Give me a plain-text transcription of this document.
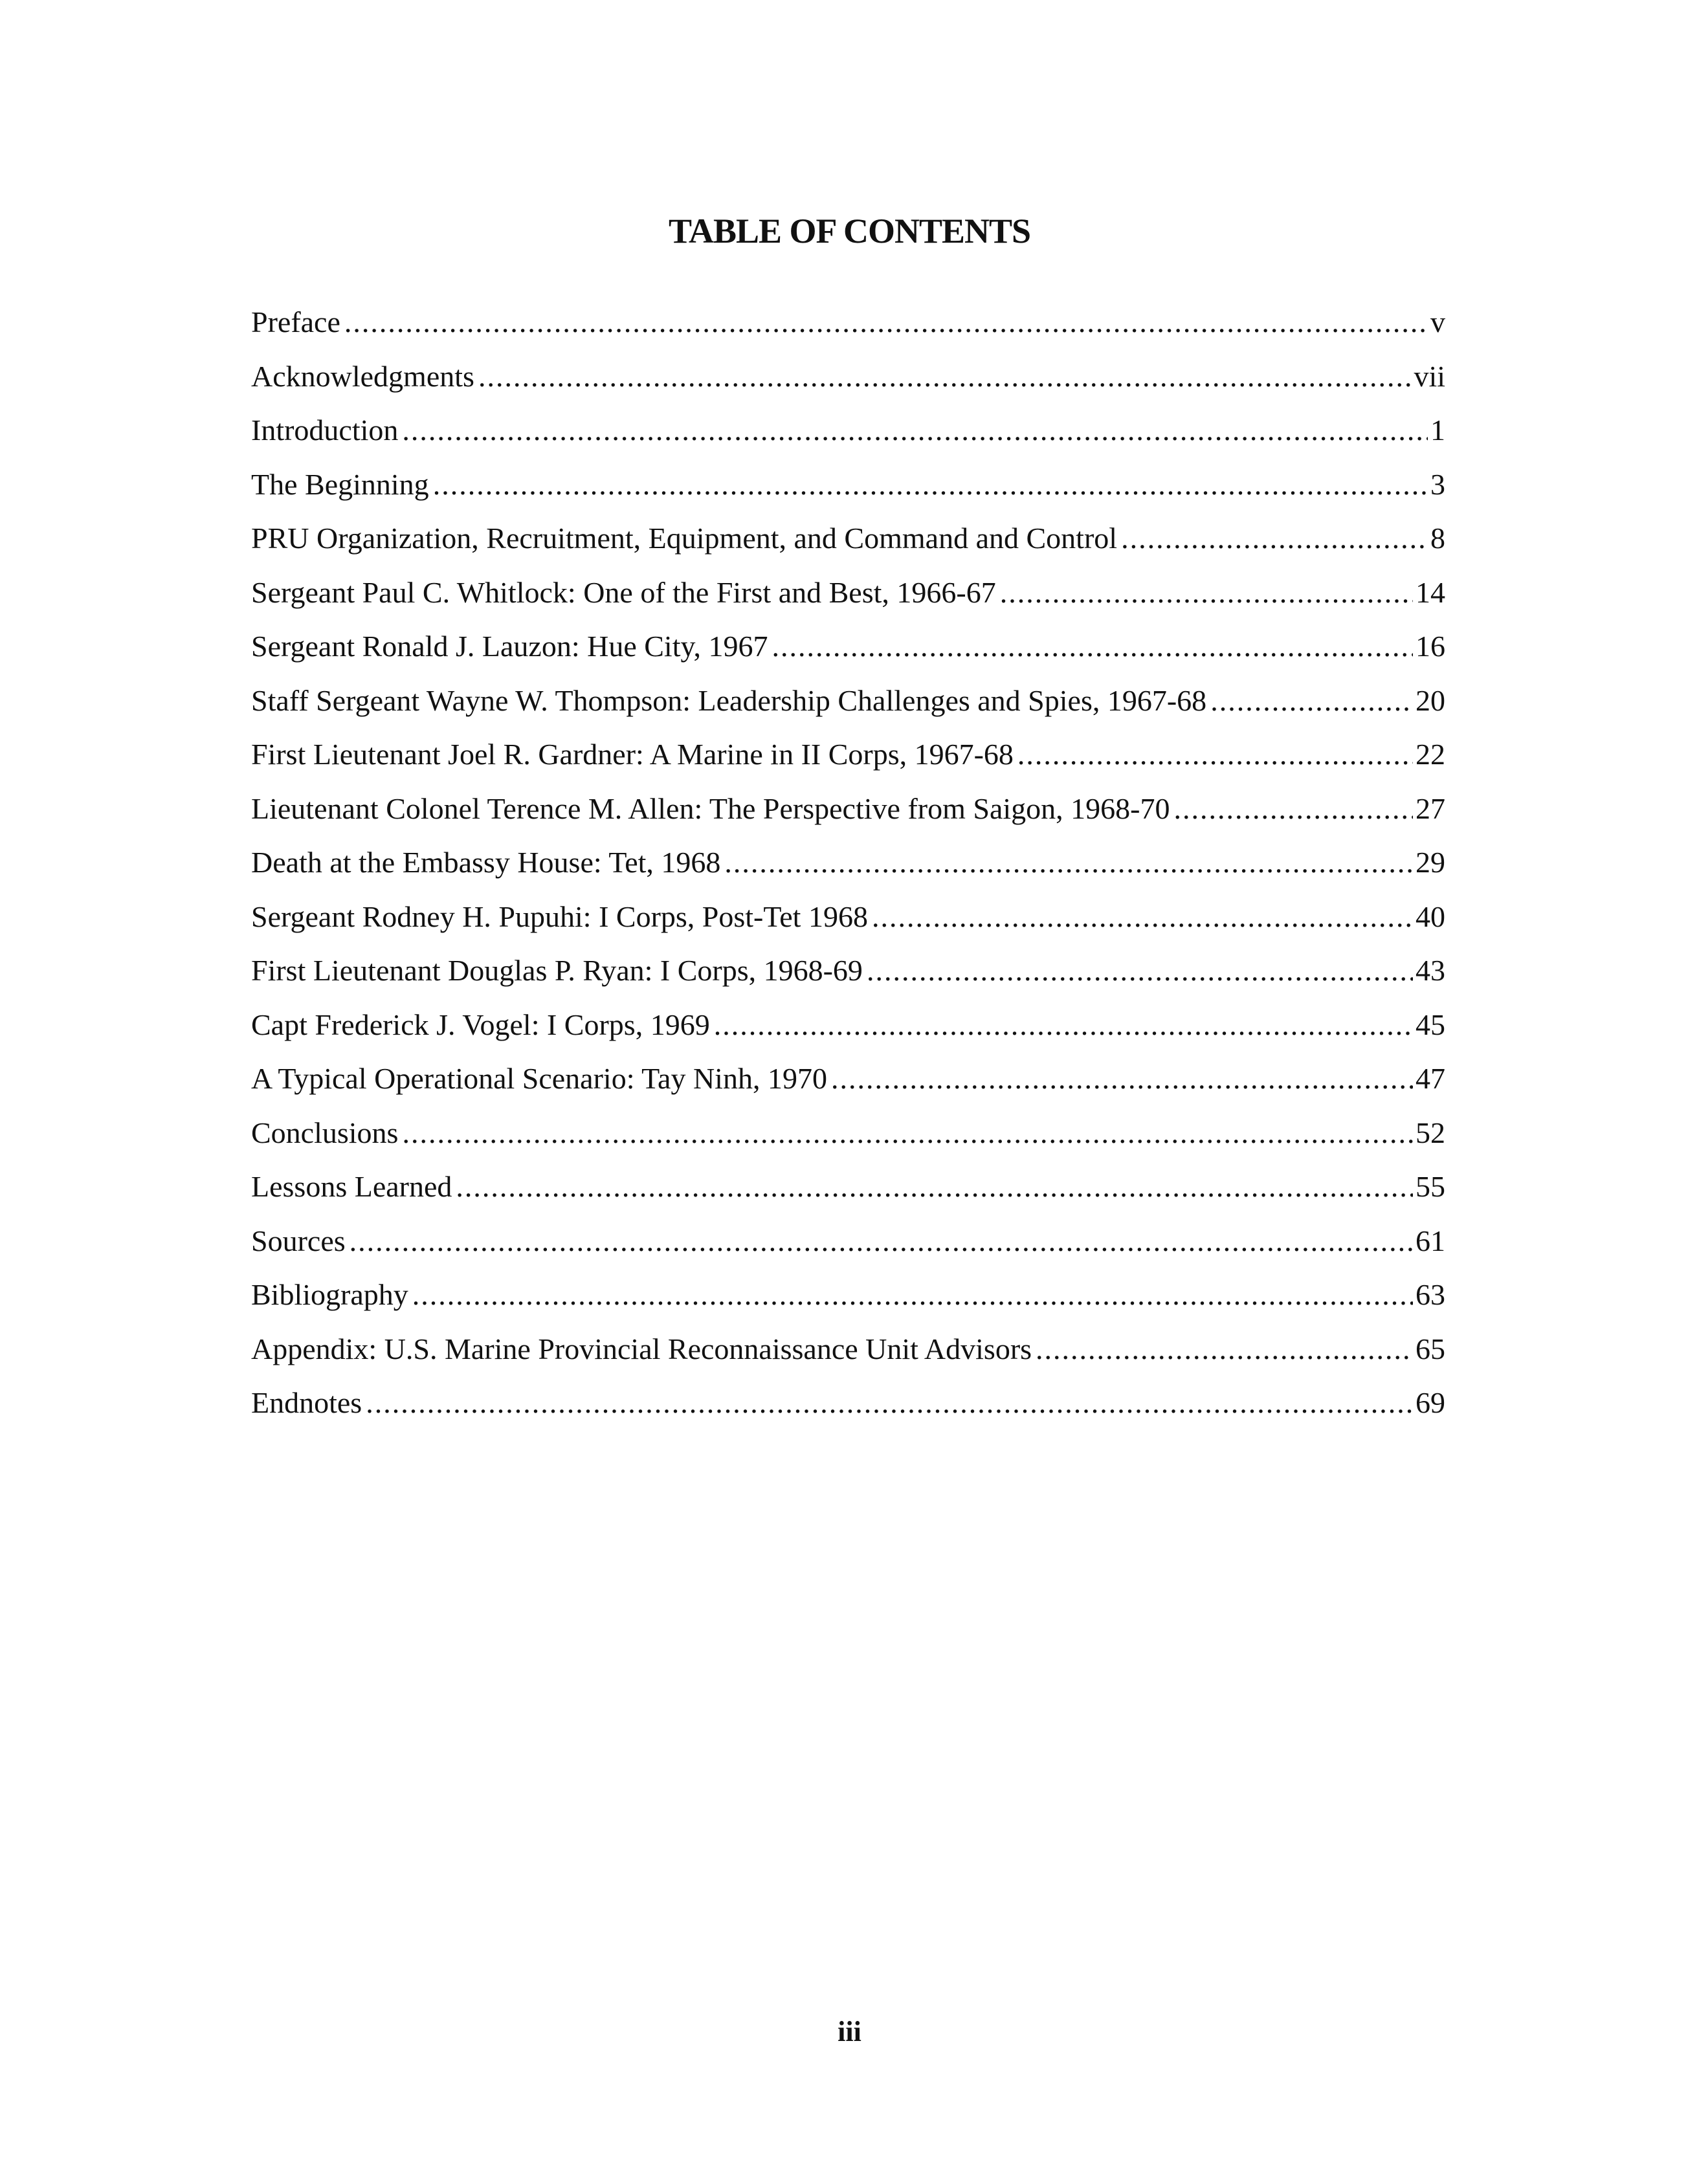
TABLE OF CONTENTS
Preface .....	v
Acknowledgments .....	vii
Introduction .....	1
The Beginning .....	3
PRU Organization, Recruitment, Equipment, and Command and Control .....	8
Sergeant Paul C. Whitlock: One of the First and Best, 1966-67 .....	14
Sergeant Ronald J. Lauzon: Hue City, 1967 .....	16
Staff Sergeant Wayne W. Thompson: Leadership Challenges and Spies, 1967-68 .....	20
First Lieutenant Joel R. Gardner: A Marine in II Corps, 1967-68 .....	22
Lieutenant Colonel Terence M. Allen: The Perspective from Saigon, 1968-70 .....	27
Death at the Embassy House: Tet, 1968 .....	29
Sergeant Rodney H. Pupuhi: I Corps, Post-Tet 1968 .....	40
First Lieutenant Douglas P. Ryan: I Corps, 1968-69 .....	43
Capt Frederick J. Vogel: I Corps, 1969 .....	45
A Typical Operational Scenario: Tay Ninh, 1970 .....	47
Conclusions .....	52
Lessons Learned .....	55
Sources .....	61
Bibliography .....	63
Appendix: U.S. Marine Provincial Reconnaissance Unit Advisors .....	65
Endnotes .....	69
iii
